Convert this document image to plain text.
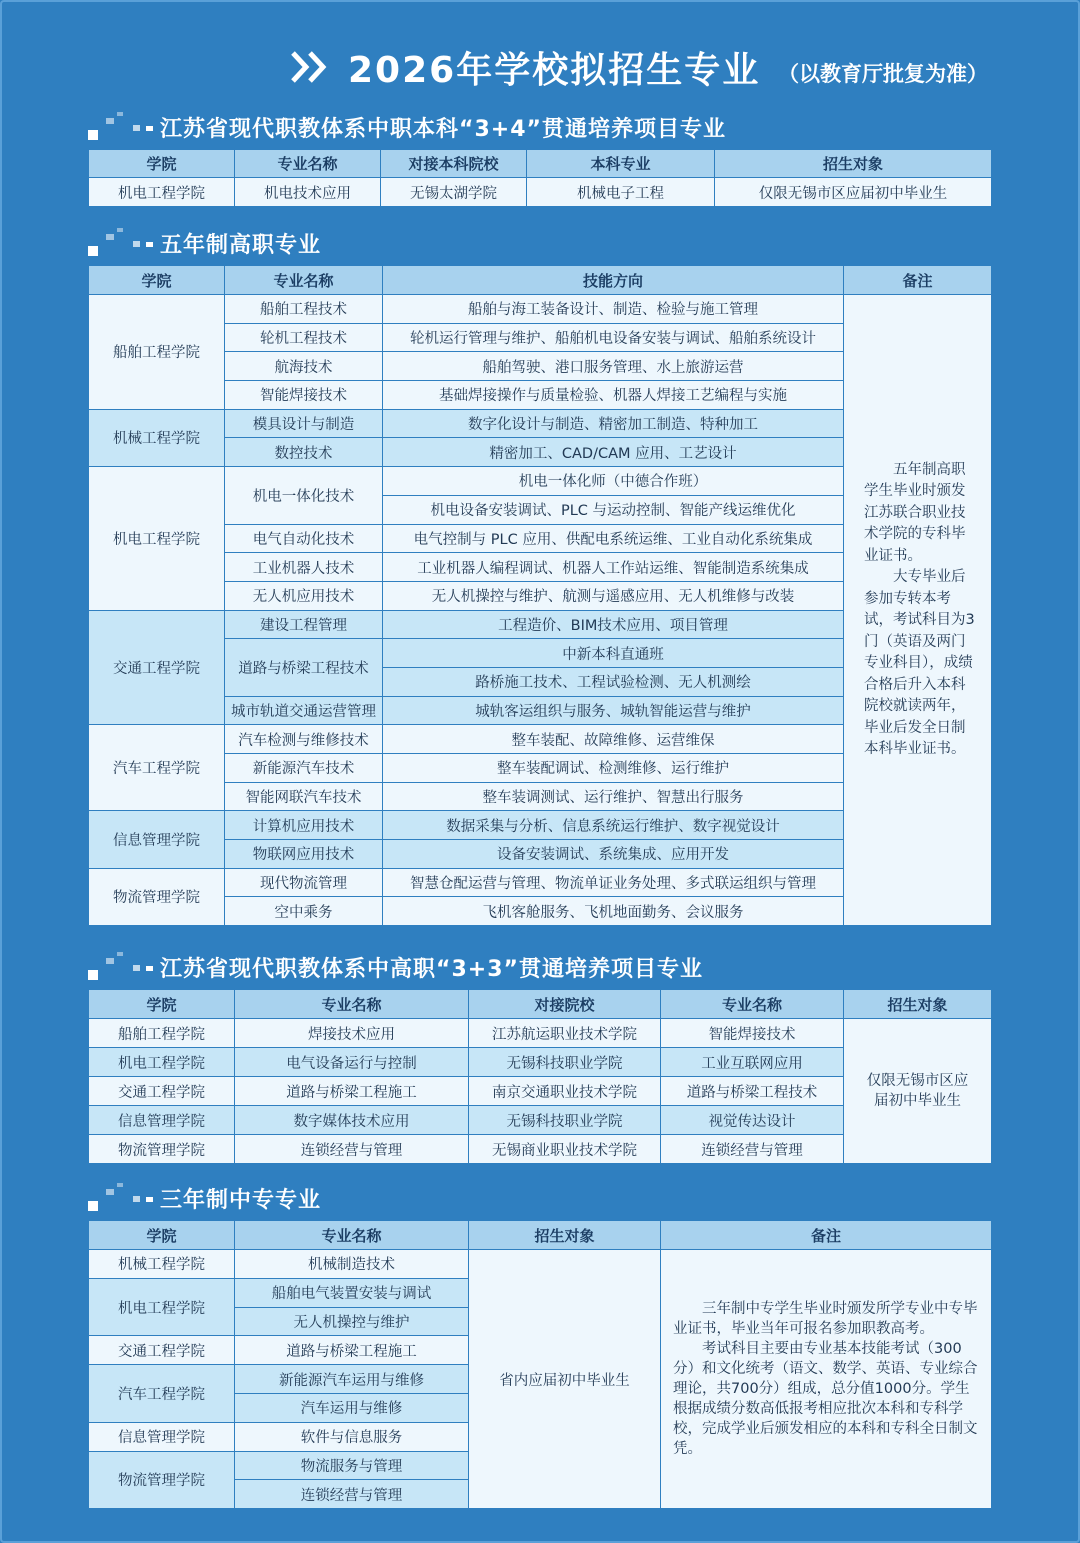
2026年学校拟招生专业 （以教育厅批复为准）
江苏省现代职教体系中职本科“3+4”贯通培养项目专业
学院	专业名称	对接本科院校	本科专业	招生对象
机电工程学院	机电技术应用	无锡太湖学院	机械电子工程	仅限无锡市区应届初中毕业生
五年制高职专业
学院	专业名称	技能方向	备注
船舶工程学院	船舶工程技术	船舶与海工装备设计、制造、检验与施工管理	五年制高职学生毕业时颁发江苏联合职业技术学院的专科毕业证书。

大专毕业后参加专转本考试，考试科目为3门（英语及两门专业科目），成绩合格后升入本科院校就读两年，毕业后发全日制本科毕业证书。

	轮机工程技术	轮机运行管理与维护、船舶机电设备安装与调试、船舶系统设计	
	航海技术	船舶驾驶、港口服务管理、水上旅游运营	
	智能焊接技术	基础焊接操作与质量检验、机器人焊接工艺编程与实施	
机械工程学院	模具设计与制造	数字化设计与制造、精密加工制造、特种加工	
	数控技术	精密加工、CAD/CAM 应用、工艺设计	
机电工程学院	机电一体化技术	机电一体化师（中德合作班）	
		机电设备安装调试、PLC 与运动控制、智能产线运维优化	
	电气自动化技术	电气控制与 PLC 应用、供配电系统运维、工业自动化系统集成	
	工业机器人技术	工业机器人编程调试、机器人工作站运维、智能制造系统集成	
	无人机应用技术	无人机操控与维护、航测与遥感应用、无人机维修与改装	
交通工程学院	建设工程管理	工程造价、BIM技术应用、项目管理	
	道路与桥梁工程技术	中新本科直通班	
		路桥施工技术、工程试验检测、无人机测绘	
	城市轨道交通运营管理	城轨客运组织与服务、城轨智能运营与维护	
汽车工程学院	汽车检测与维修技术	整车装配、故障维修、运营维保	
	新能源汽车技术	整车装配调试、检测维修、运行维护	
	智能网联汽车技术	整车装调测试、运行维护、智慧出行服务	
信息管理学院	计算机应用技术	数据采集与分析、信息系统运行维护、数字视觉设计	
	物联网应用技术	设备安装调试、系统集成、应用开发	
物流管理学院	现代物流管理	智慧仓配运营与管理、物流单证业务处理、多式联运组织与管理	
	空中乘务	飞机客舱服务、飞机地面勤务、会议服务	
江苏省现代职教体系中高职“3+3”贯通培养项目专业
学院	专业名称	对接院校	专业名称	招生对象
船舶工程学院	焊接技术应用	江苏航运职业技术学院	智能焊接技术	仅限无锡市区应届初中毕业生
机电工程学院	电气设备运行与控制	无锡科技职业学院	工业互联网应用	
交通工程学院	道路与桥梁工程施工	南京交通职业技术学院	道路与桥梁工程技术	
信息管理学院	数字媒体技术应用	无锡科技职业学院	视觉传达设计	
物流管理学院	连锁经营与管理	无锡商业职业技术学院	连锁经营与管理	
三年制中专专业
学院	专业名称	招生对象	备注
机械工程学院	机械制造技术	省内应届初中毕业生	三年制中专学生毕业时颁发所学专业中专毕业证书，毕业当年可报名参加职教高考。

考试科目主要由专业基本技能考试（300分）和文化统考（语文、数学、英语、专业综合理论，共700分）组成，总分值1000分。学生根据成绩分数高低报考相应批次本科和专科学校，完成学业后颁发相应的本科和专科全日制文凭。

机电工程学院	船舶电气装置安装与调试		
	无人机操控与维护		
交通工程学院	道路与桥梁工程施工		
汽车工程学院	新能源汽车运用与维修		
	汽车运用与维修		
信息管理学院	软件与信息服务		
物流管理学院	物流服务与管理		
	连锁经营与管理		
